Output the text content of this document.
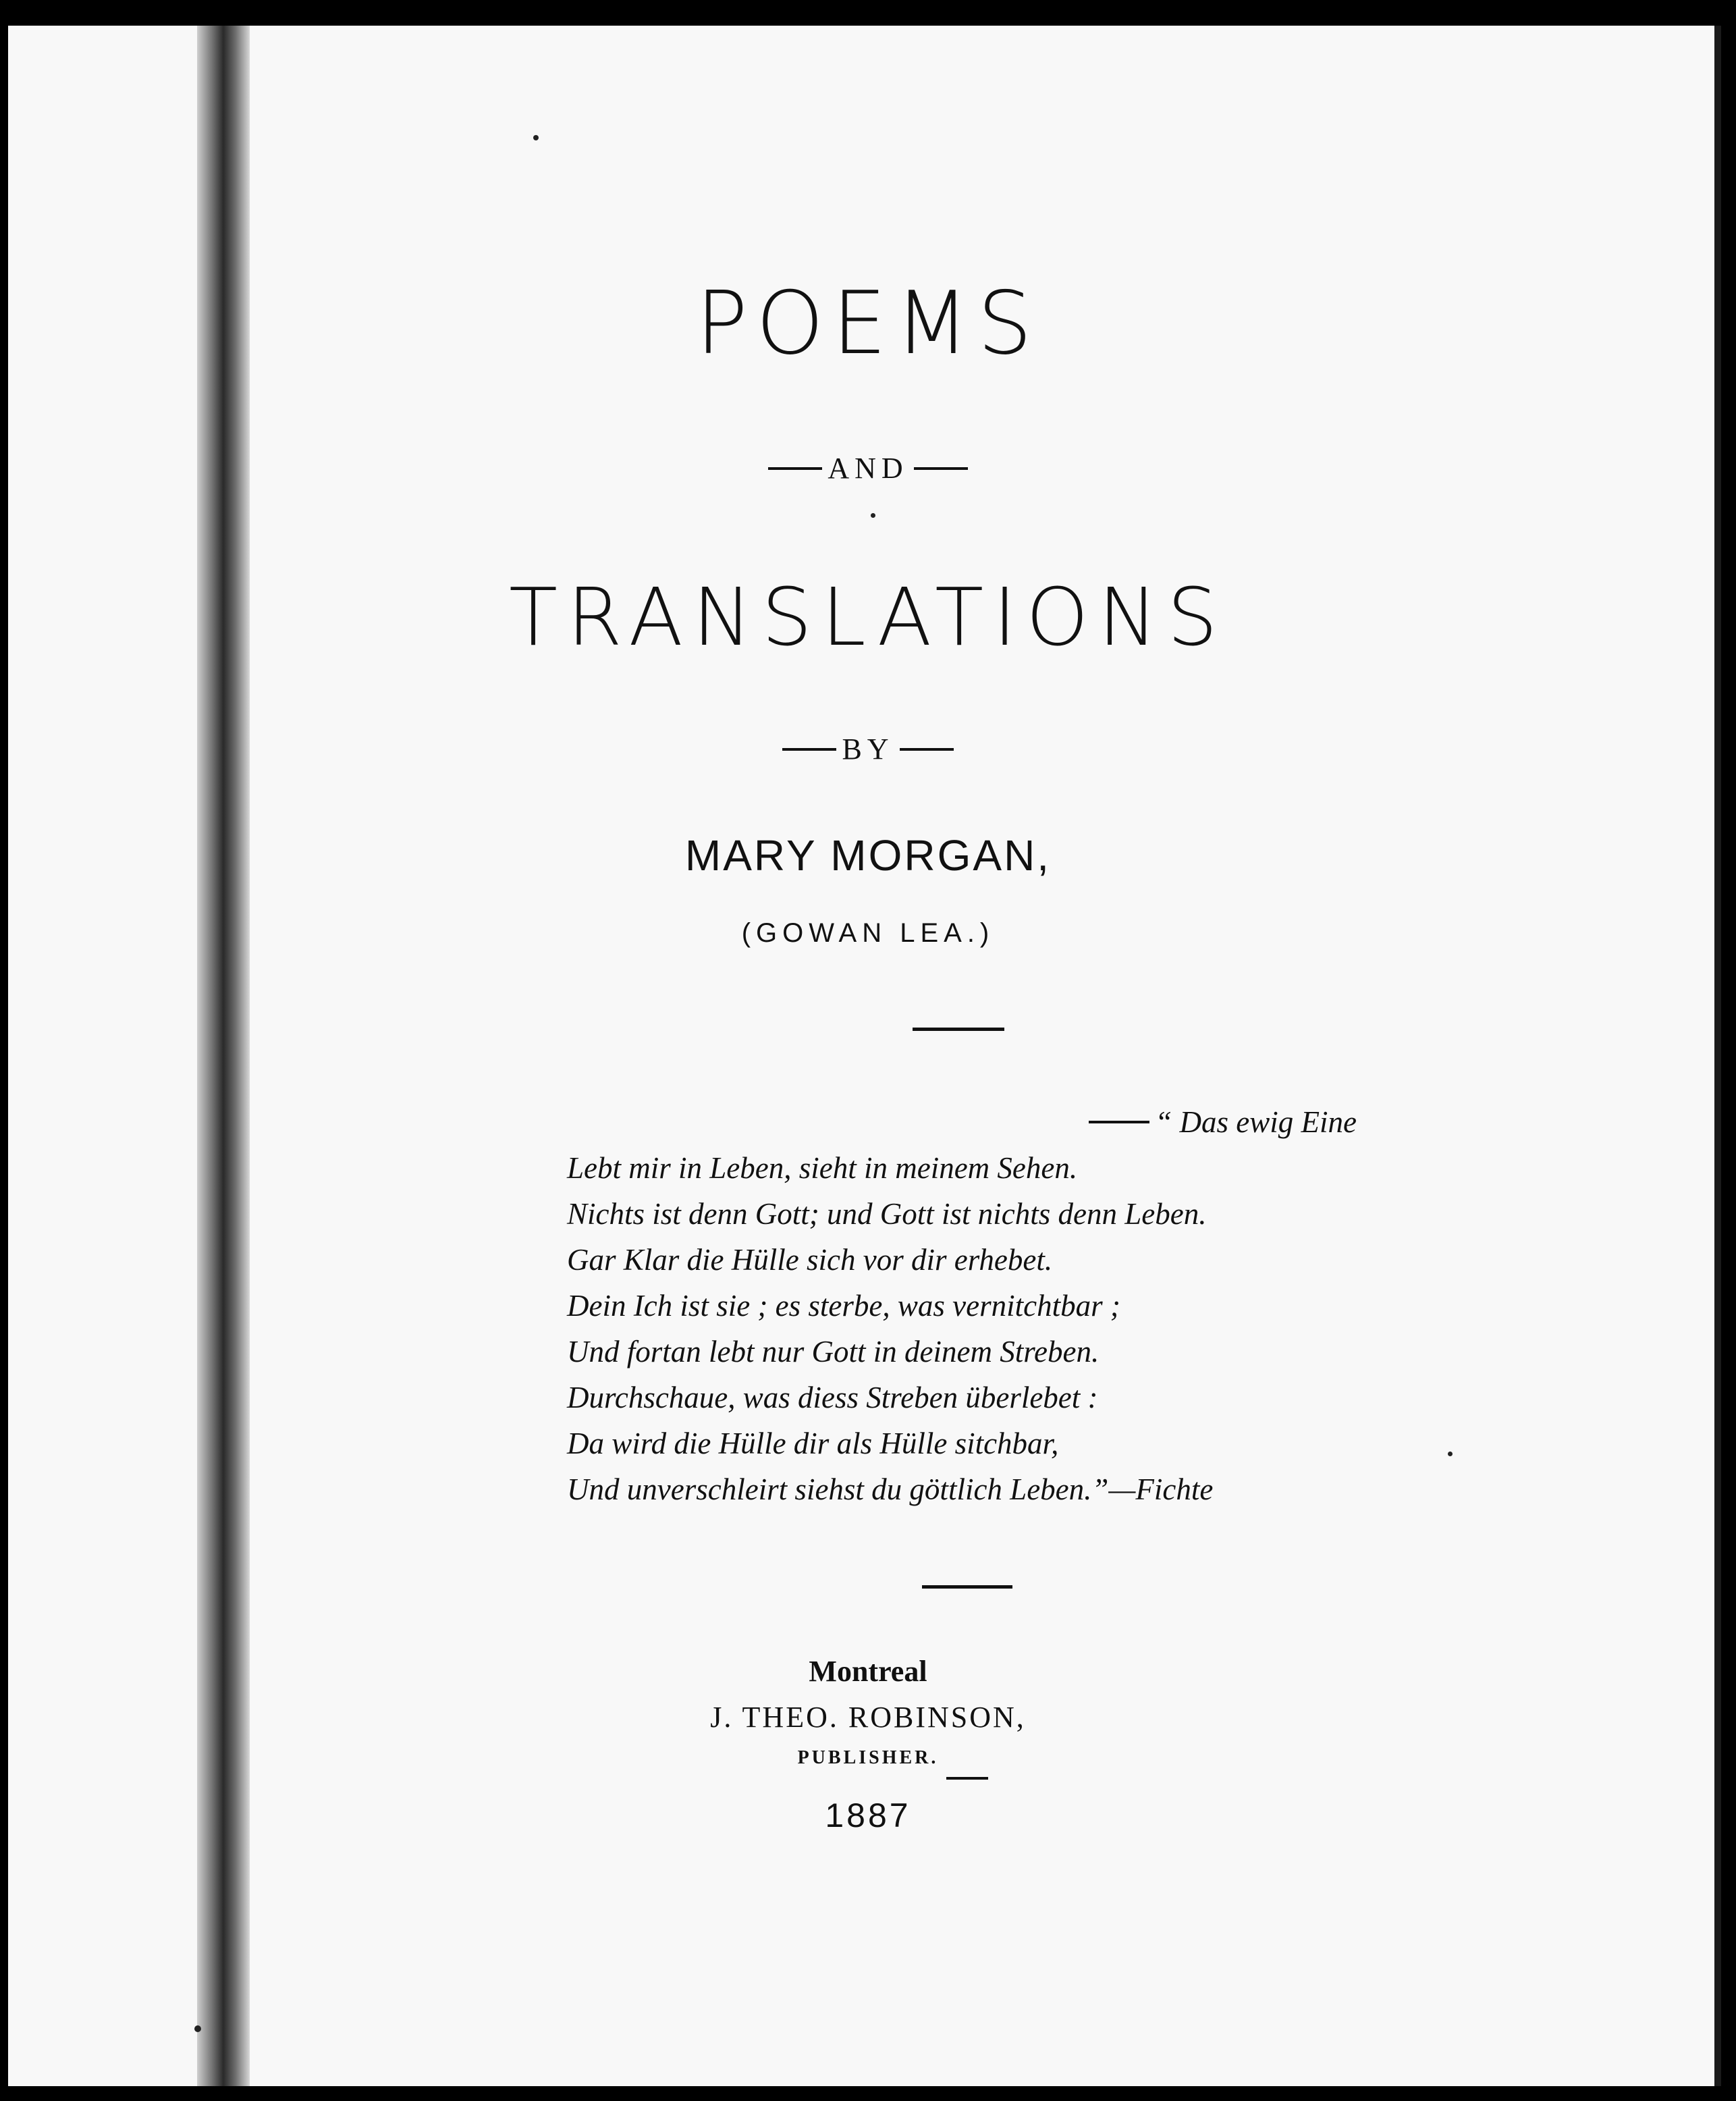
POEMS
AND
TRANSLATIONS
BY
MARY MORGAN,
(GOWAN LEA.)
“ Das ewig Eine
Lebt mir in Leben, sieht in meinem Sehen.
Nichts ist denn Gott; und Gott ist nichts denn Leben.
Gar Klar die Hülle sich vor dir erhebet.
Dein Ich ist sie ; es sterbe, was vernitchtbar ;
Und fortan lebt nur Gott in deinem Streben.
Durchschaue, was diess Streben überlebet :
Da wird die Hülle dir als Hülle sitchbar,
Und unverschleirt siehst du göttlich Leben.”—Fichte
Montreal
J. THEO. ROBINSON,
PUBLISHER.
1887
